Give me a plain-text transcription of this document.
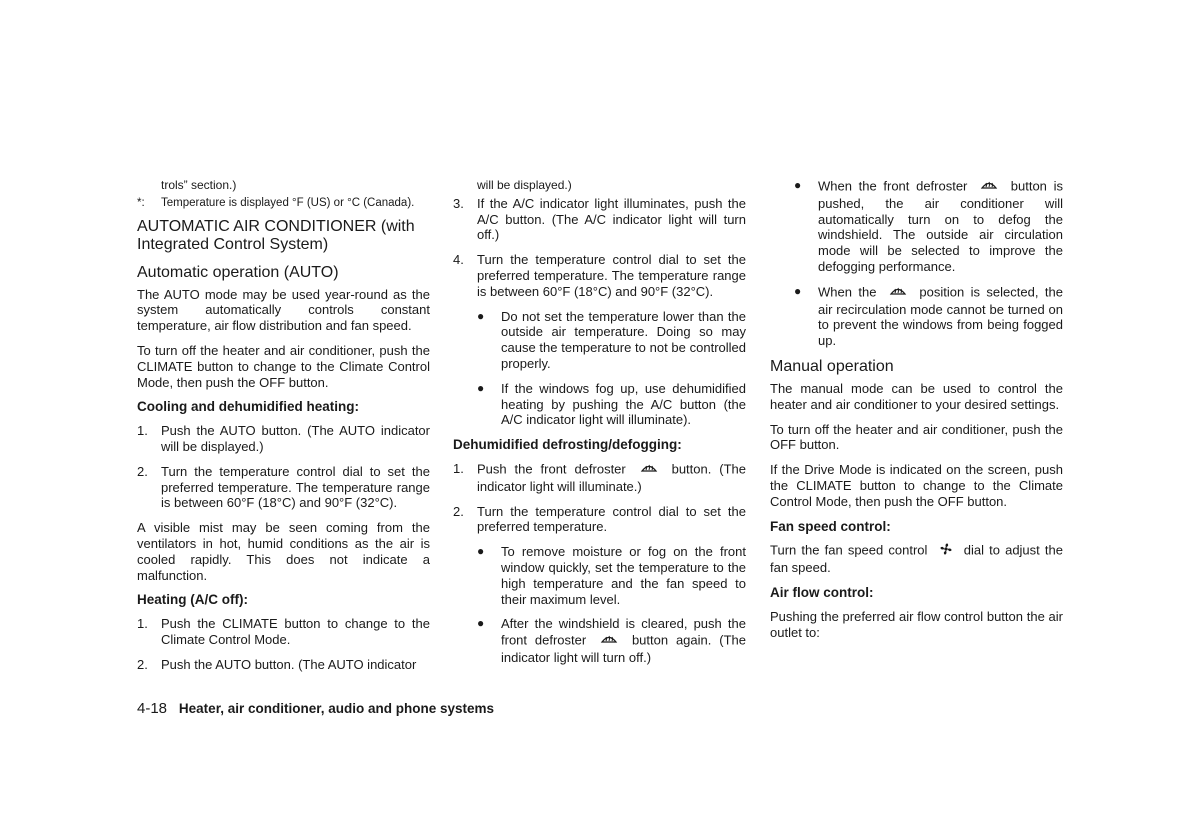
trols” section.)

*:	Temperature is displayed °F (US) or °C (Canada).
AUTOMATIC AIR CONDITIONER (with Integrated Control System)
Automatic operation (AUTO)

The AUTO mode may be used year-round as the system automatically controls constant temperature, air flow distribution and fan speed.

To turn off the heater and air conditioner, push the CLIMATE button to change to the Climate Control Mode, then push the OFF button.

Cooling and dehumidified heating:
1.	Push the AUTO button. (The AUTO indicator will be displayed.)
2.	Turn the temperature control dial to set the preferred temperature. The temperature range is between 60°F (18°C) and 90°F (32°C).

A visible mist may be seen coming from the ventilators in hot, humid conditions as the air is cooled rapidly. This does not indicate a malfunction.

Heating (A/C off):
1.	Push the CLIMATE button to change to the Climate Control Mode.
2.	Push the AUTO button. (The AUTO indicator

will be displayed.)

3.	If the A/C indicator light illuminates, push the A/C button. (The A/C indicator light will turn off.)
4.	Turn the temperature control dial to set the preferred temperature. The temperature range is between 60°F (18°C) and 90°F (32°C).
●	Do not set the temperature lower than the outside air temperature. Doing so may cause the temperature to not be controlled properly.
●	If the windows fog up, use dehumidified heating by pushing the A/C button (the A/C indicator light will illuminate).
Dehumidified defrosting/defogging:
1.	Push the front defroster	button. (The indicator light will illuminate.)
2.	Turn the temperature control dial to set the preferred temperature.
●	To remove moisture or fog on the front window quickly, set the temperature to the high temperature and the fan speed to their maximum level.
●	After the windshield is cleared, push the front defroster	button again. (The indicator light will turn off.)
●	When the front defroster	button is pushed, the air conditioner will automatically turn on to defog the windshield. The outside air circulation mode will be selected to improve the defogging performance.
●	When the	position is selected, the air recirculation mode cannot be turned on to prevent the windows from being fogged up.
Manual operation

The manual mode can be used to control the heater and air conditioner to your desired settings.

To turn off the heater and air conditioner, push the OFF button.

If the Drive Mode is indicated on the screen, push the CLIMATE button to change to the Climate Control Mode, then push the OFF button.

Fan speed control:

Turn the fan speed control	dial to adjust the fan speed.

Air flow control:

Pushing the preferred air flow control button the air outlet to:

4-18 Heater, air conditioner, audio and phone systems
